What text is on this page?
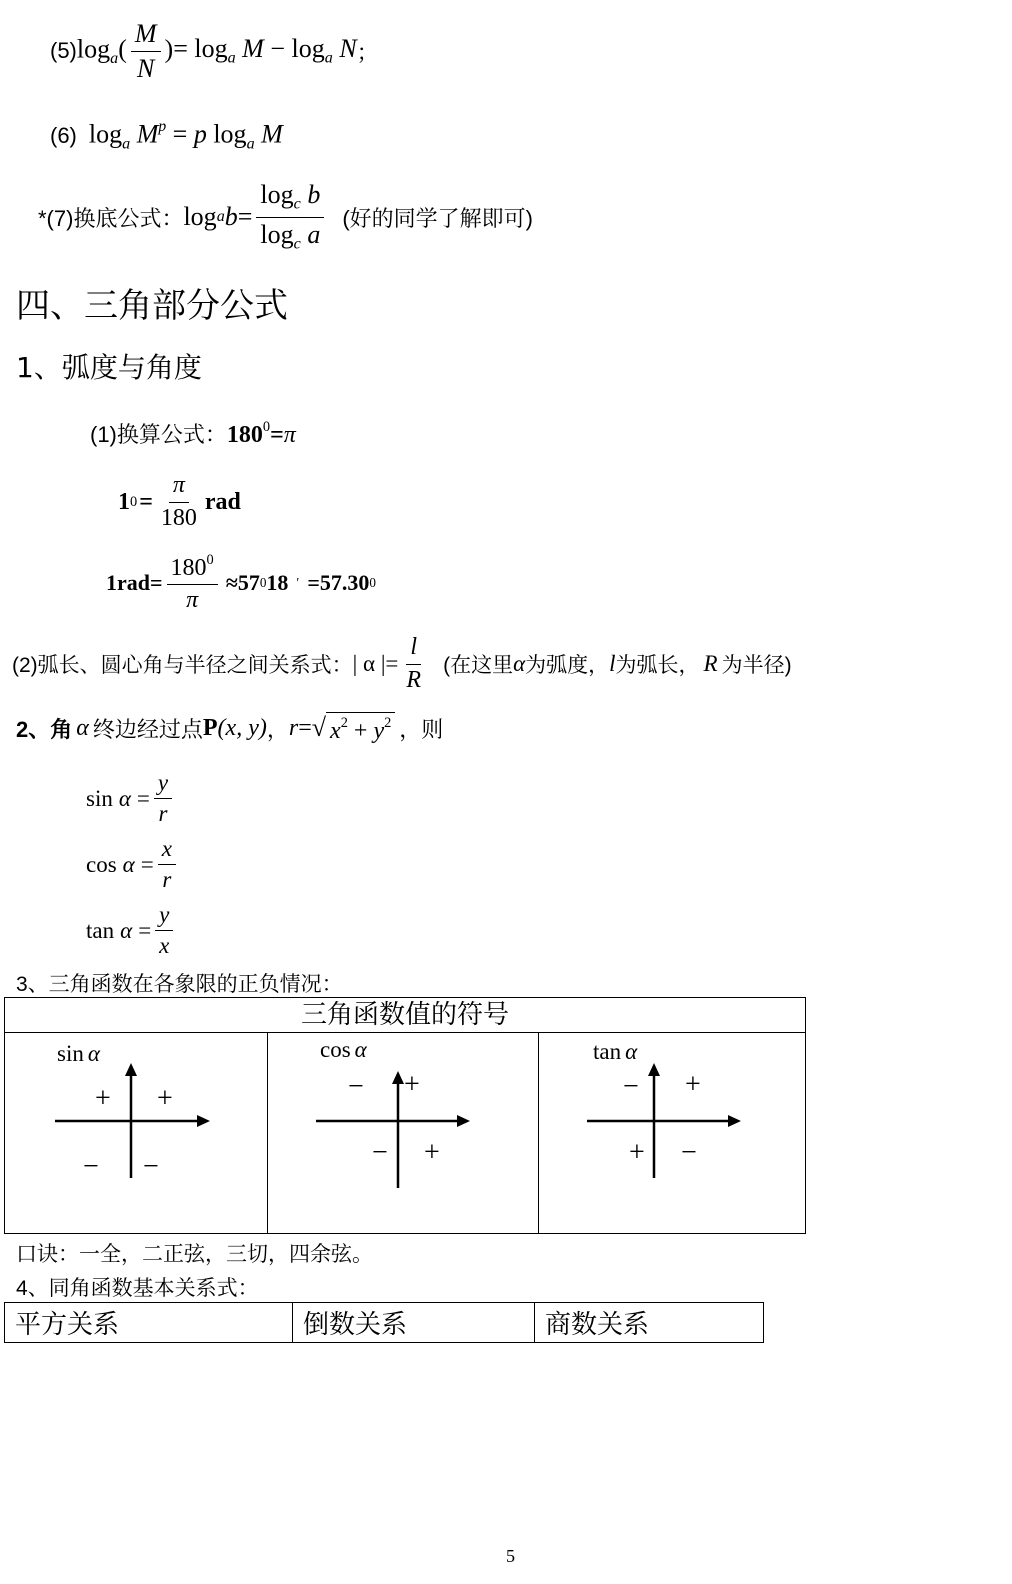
(5) $\log_a( \frac{M}{N}$ ) = $\log_a M - \log_a N$ ；
(6) $\log_a M^p = p$ $\log_a M$
*(7)换底公式： log a $b = \frac{\log_c b}{\log_c a}$ (好的同学了解即可)
四、三角部分公式
1、弧度与角度
(1)换算公式： $180^0=\pi$
1 $0 = \frac{\pi}{180}$ rad
$1rad= \frac{180^0}{\pi} \approx 57$ 0 18 ′ =57.30 0
(2)弧长、圆心角与半径之间关系式： | α |= $\frac{l}{R}$ (在这里 α 为弧度， l 为弧长， R 为半径)
2、角 α 终边经过点 P (x, y) ， r = √ $x^2 + y^2$ ，则
$\sin \alpha = \frac{y}{r}$
$\cos \alpha = \frac{x}{r}$
$\tan \alpha = \frac{y}{x}$
3、三角函数在各象限的正负情况：
三角函数值的符号

sin α
+ +
− −

cos α
− +
− +

tan α
− +
+ −
口诀：一全，二正弦，三切，四余弦。
4、同角函数基本关系式：
平方关系	倒数关系	商数关系
5
